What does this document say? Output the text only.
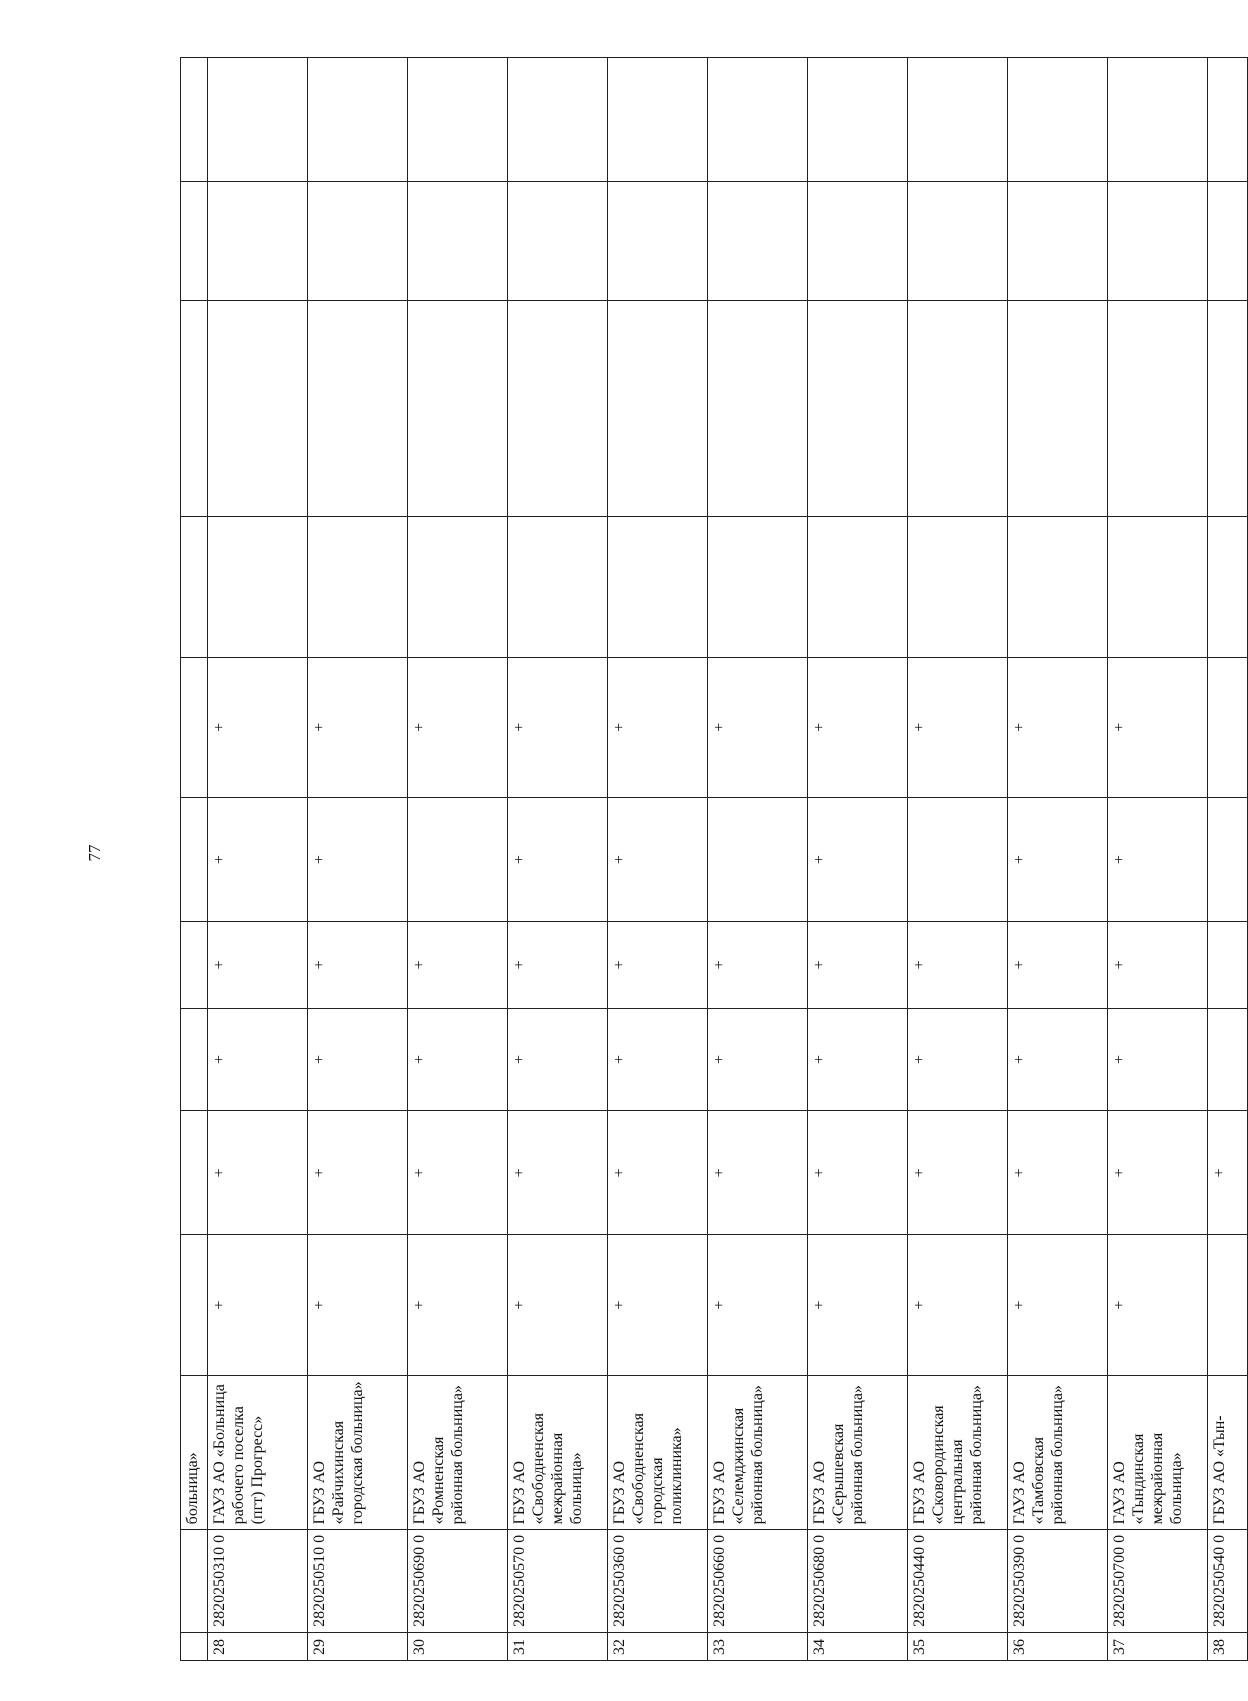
77
		больница»										
28	2820250310 0	ГАУЗ АО «Больница рабочего поселка (пгт) Прогресс»	+	+	+	+	+	+				
29	2820250510 0	ГБУЗ АО «Райчихинская городская больница»	+	+	+	+	+	+				
30	2820250690 0	ГБУЗ АО «Ромненская районная больница»	+	+	+	+		+				
31	2820250570 0	ГБУЗ АО «Свободненская межрайонная больница»	+	+	+	+	+	+				
32	2820250360 0	ГБУЗ АО «Свободненская городская поликлиника»	+	+	+	+	+	+				
33	2820250660 0	ГБУЗ АО «Селемджинская районная больница»	+	+	+	+		+				
34	2820250680 0	ГБУЗ АО «Серышевская районная больница»	+	+	+	+	+	+				
35	2820250440 0	ГБУЗ АО «Сковородинская центральная районная больница»	+	+	+	+		+				
36	2820250390 0	ГАУЗ АО «Тамбовская районная больница»	+	+	+	+	+	+				
37	2820250700 0	ГАУЗ АО «Тындинская межрайонная больница»	+	+	+	+	+	+				
38	2820250540 0	ГБУЗ АО «Тын-		+								
